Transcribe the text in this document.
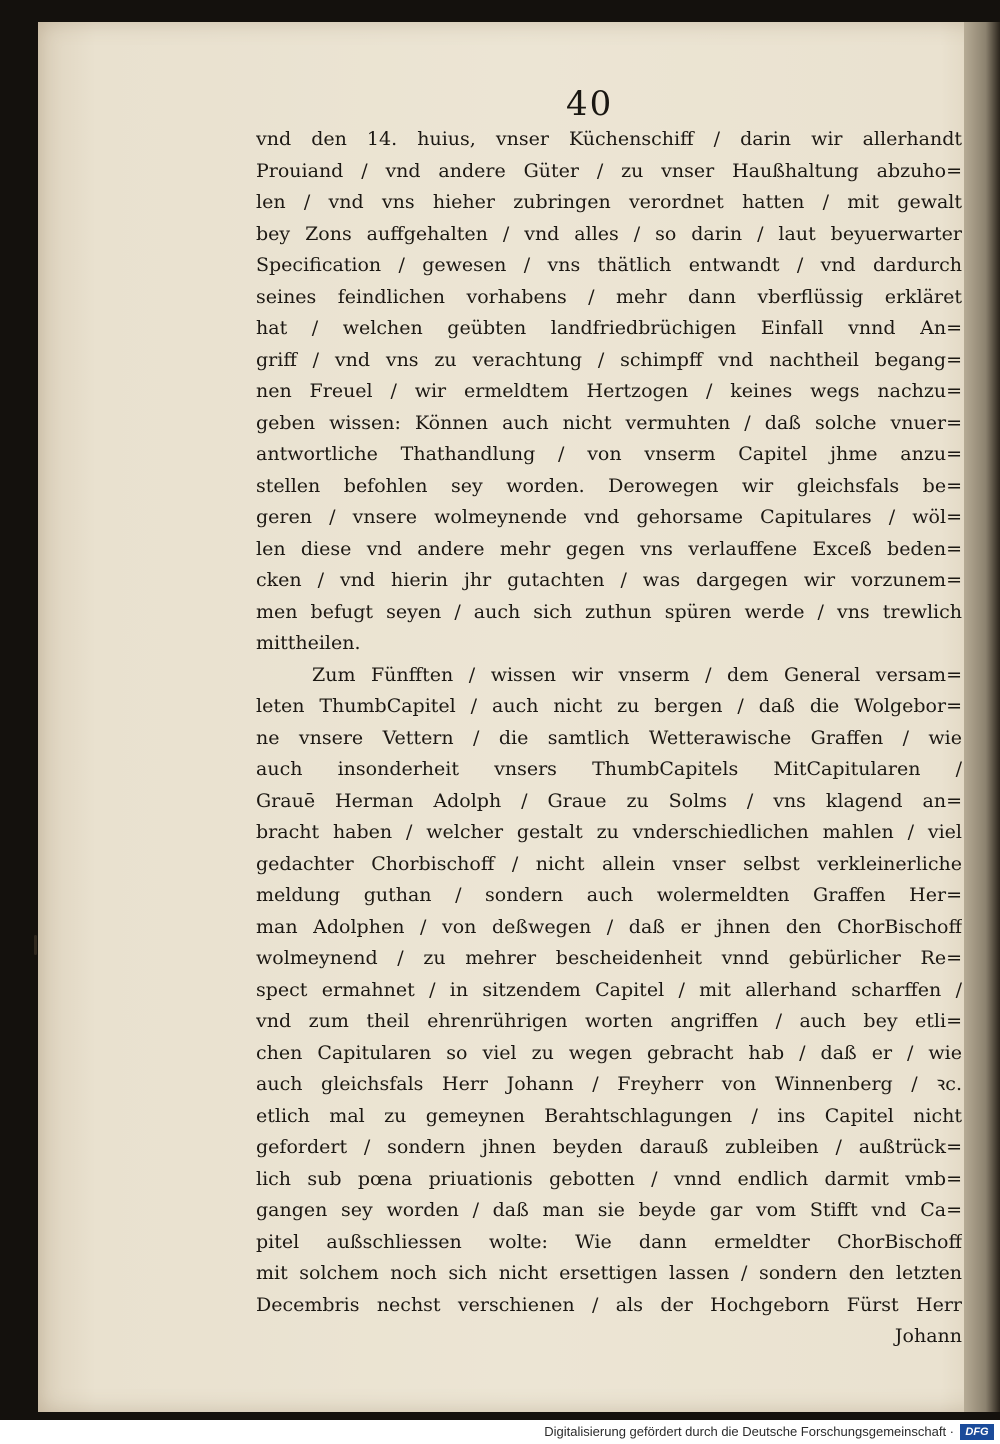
40
vnd den 14. huius, vnser Küchenschiff / darin wir allerhandt
Prouiand / vnd andere Güter / zu vnser Haußhaltung abzuho=
len / vnd vns hieher zubringen verordnet hatten / mit gewalt
bey Zons auffgehalten / vnd alles / so darin / laut beyuerwarter
Specification / gewesen / vns thätlich entwandt / vnd dardurch
seines feindlichen vorhabens / mehr dann vberflüssig erkläret
hat / welchen geübten landfriedbrüchigen Einfall vnnd An=
griff / vnd vns zu verachtung / schimpff vnd nachtheil begang=
nen Freuel / wir ermeldtem Hertzogen / keines wegs nachzu=
geben wissen: Können auch nicht vermuhten / daß solche vnuer=
antwortliche Thathandlung / von vnserm Capitel jhme anzu=
stellen befohlen sey worden. Derowegen wir gleichsfals be=
geren / vnsere wolmeynende vnd gehorsame Capitulares / wöl=
len diese vnd andere mehr gegen vns verlauffene Exceß beden=
cken / vnd hierin jhr gutachten / was dargegen wir vorzunem=
men befugt seyen / auch sich zuthun spüren werde / vns trewlich
mittheilen.
Zum Fünfften / wissen wir vnserm / dem General versam=
leten ThumbCapitel / auch nicht zu bergen / daß die Wolgebor=
ne vnsere Vettern / die samtlich Wetterawische Graffen / wie
auch insonderheit vnsers ThumbCapitels MitCapitularen /
Grauē Herman Adolph / Graue zu Solms / vns klagend an=
bracht haben / welcher gestalt zu vnderschiedlichen mahlen / viel
gedachter Chorbischoff / nicht allein vnser selbst verkleinerliche
meldung guthan / sondern auch wolermeldten Graffen Her=
man Adolphen / von deßwegen / daß er jhnen den ChorBischoff
wolmeynend / zu mehrer bescheidenheit vnnd gebürlicher Re=
spect ermahnet / in sitzendem Capitel / mit allerhand scharffen /
vnd zum theil ehrenrührigen worten angriffen / auch bey etli=
chen Capitularen so viel zu wegen gebracht hab / daß er / wie
auch gleichsfals Herr Johann / Freyherr von Winnenberg / ꝛc.
etlich mal zu gemeynen Berahtschlagungen / ins Capitel nicht
gefordert / sondern jhnen beyden darauß zubleiben / außtrück=
lich sub pœna priuationis gebotten / vnnd endlich darmit vmb=
gangen sey worden / daß man sie beyde gar vom Stifft vnd Ca=
pitel außschliessen wolte: Wie dann ermeldter ChorBischoff
mit solchem noch sich nicht ersettigen lassen / sondern den letzten
Decembris nechst verschienen / als der Hochgeborn Fürst Herr
Johann
Digitalisierung gefördert durch die Deutsche Forschungsgemeinschaft ·	DFG
